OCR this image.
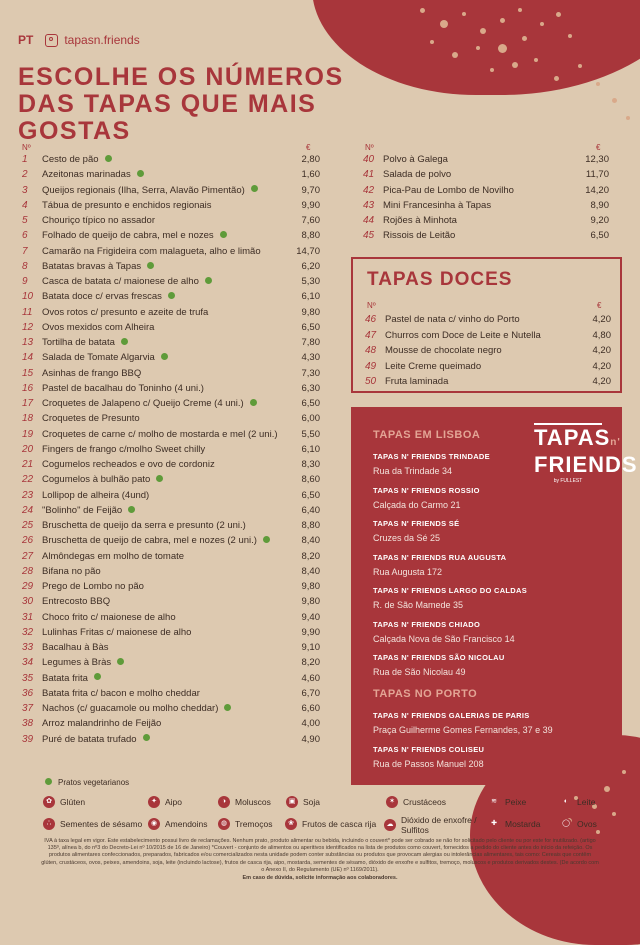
PT	tapasn.friends
ESCOLHE OS NÚMEROS DAS TAPAS QUE MAIS GOSTAS
Nº	€
1	Cesto de pão	2,80
2	Azeitonas marinadas	1,60
3	Queijos regionais (Ilha, Serra, Alavão Pimentão)	9,70
4	Tábua de presunto e enchidos regionais	9,90
5	Chouriço típico no assador	7,60
6	Folhado de queijo de cabra, mel e nozes	8,80
7	Camarão na Frigideira com malagueta, alho e limão	14,70
8	Batatas bravas à Tapas	6,20
9	Casca de batata c/ maionese de alho	5,30
10 Batata doce c/ ervas frescas	6,10
11	Ovos rotos c/ presunto e azeite de trufa	9,80
12 Ovos mexidos com Alheira	6,50
13 Tortilha de batata	7,80
14 Salada de Tomate Algarvia	4,30
15 Asinhas de frango BBQ	7,30
16 Pastel de bacalhau do Toninho (4 uni.)	6,30
17 Croquetes de Jalapeno c/ Queijo Creme (4 uni.)	6,50
18 Croquetes de Presunto	6,00
19 Croquetes de carne c/ molho de mostarda e mel (2 uni.)	5,50
20 Fingers de frango c/molho Sweet chilly	6,10
21 Cogumelos recheados e ovo de cordoniz	8,30
22 Cogumelos à bulhão pato	8,60
23 Lollipop de alheira (4und)	6,50
24 "Bolinho" de Feijão	6,40
25 Bruschetta de queijo da serra e presunto (2 uni.)	8,80
26 Bruschetta de queijo de cabra, mel e nozes (2 uni.)	8,40
27 Almôndegas em molho de tomate	8,20
28 Bifana no pão	8,40
29 Prego de Lombo no pão	9,80
30 Entrecosto BBQ	9,80
31 Choco frito c/ maionese de alho	9,40
32 Lulinhas Fritas c/ maionese de alho	9,90
33 Bacalhau à Bàs	9,10
34 Legumes à Bràs	8,20
35 Batata frita	4,60
36 Batata frita c/ bacon e molho cheddar	6,70
37 Nachos (c/ guacamole ou molho cheddar)	6,60
38 Arroz malandrinho de Feijão	4,00
39 Puré de batata trufado	4,90
Nº	€
40 Polvo à Galega	12,30
41 Salada de polvo	11,70
42 Pica-Pau de Lombo de Novilho	14,20
43 Mini Francesinha à Tapas	8,90
44 Rojões à Minhota	9,20
45 Rissois de Leitão	6,50
TAPAS DOCES
Nº	€
46 Pastel de nata c/ vinho do Porto	4,20
47 Churros com Doce de Leite e Nutella	4,80
48 Mousse de chocolate negro	4,20
49 Leite Creme queimado	4,20
50 Fruta laminada	4,20
TAPASn'
FRIENDS
by FULLEST
TAPAS EM LISBOA
TAPAS N' FRIENDS TRINDADE
Rua da Trindade 34
TAPAS N' FRIENDS ROSSIO
Calçada do Carmo 21
TAPAS N' FRIENDS SÉ
Cruzes da Sé 25
TAPAS N' FRIENDS RUA AUGUSTA
Rua Augusta 172
TAPAS N' FRIENDS LARGO DO CALDAS
R. de São Mamede 35
TAPAS N' FRIENDS CHIADO
Calçada Nova de São Francisco 14
TAPAS N' FRIENDS SÃO NICOLAU
Rua de São Nicolau 49
TAPAS NO PORTO
TAPAS N' FRIENDS GALERIAS DE PARIS
Praça Guilherme Gomes Fernandes, 37 e 39
TAPAS N' FRIENDS COLISEU
Rua de Passos Manuel 208
Pratos vegetarianos
✿ Glúten	✦ Aipo	◑	Moluscos	▣ Soja	✶ Crustáceos	≋ Peixe	◐	Leite
∴	Sementes de sésamo	◉ Amendoins	◍ Tremoços	❀ Frutos de casca rija	☁ Dióxido de enxofre / Sulfitos
✚ Mostarda	◯ Ovos
IVA à taxa legal em vigor. Este estabelecimento possui livro de reclamações. Nenhum prato, produto alimentar ou bebida, incluindo o couvert* pode ser cobrado se não for solicitado pelo cliente ou por este for inutilizado. (artigo 135º, alínea b, do nº3 do Decreto-Lei nº 10/2015 de 16 de Janeiro) *Couvert - conjunto de alimentos ou aperitivos identificados na lista de produtos como couvert, fornecidos a pedido do cliente antes do início da refeição. Os produtos alimentares confeccionados, preparados, fabricados e/ou comercializados nesta unidade podem conter substâncias ou produtos que provocam alergias ou intolerâncias alimentares, tais como: Cereais que contêm glúten, crustáceos, ovos, peixes, amendoins, soja, leite (incluindo lactose), frutos de casca rija, aipo, mostarda, sementes de sésamo, dióxido de enxofre e sulfitos, tremoço, moluscos e produtos derivados destes. (De acordo com o Anexo II, do Regulamento (UE) nº 1169/2011).
Em caso de dúvida, solicite informação aos colaboradores.
